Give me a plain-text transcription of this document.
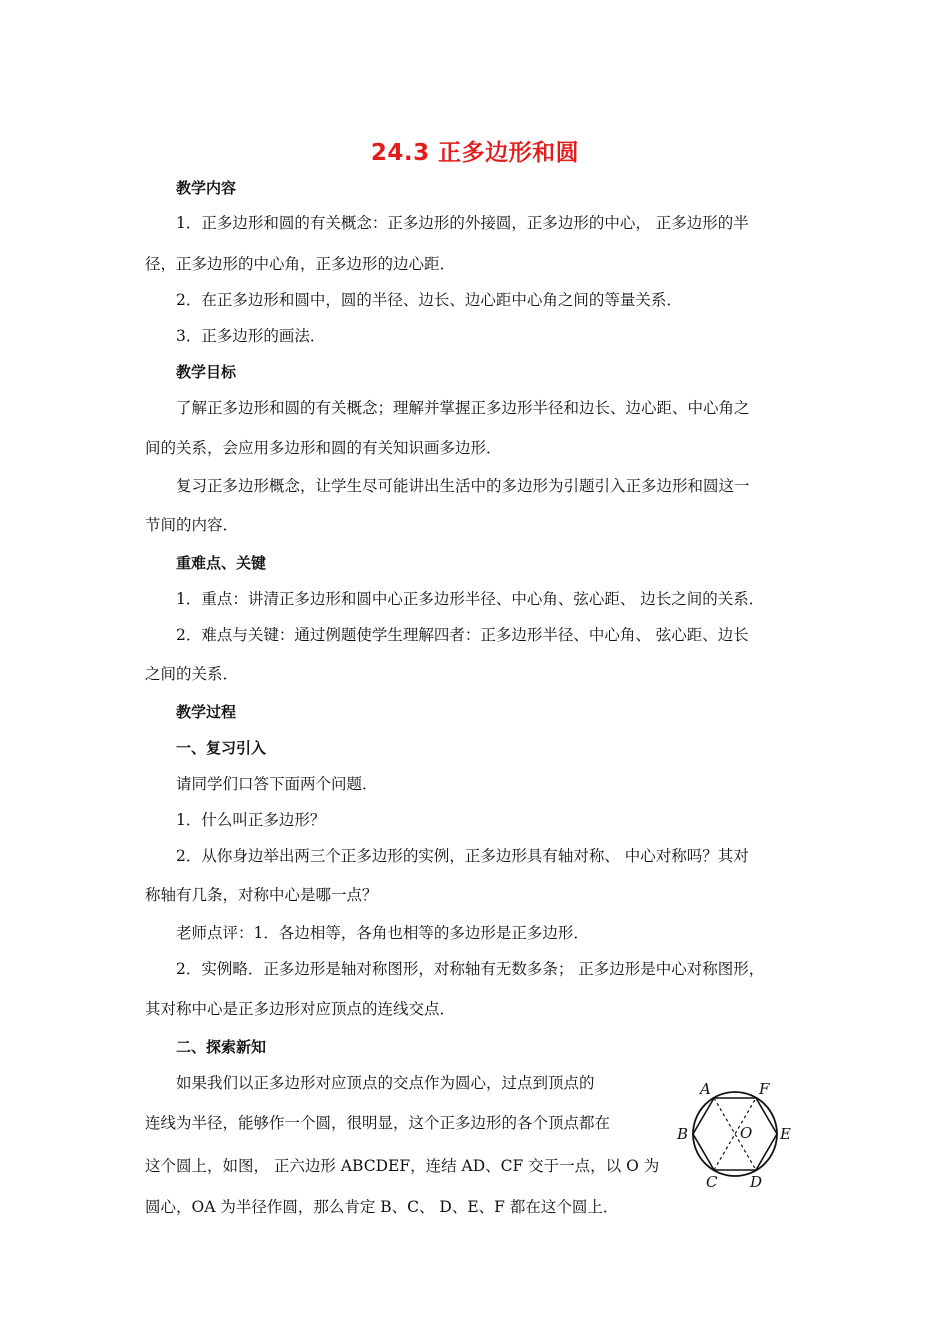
24.3 正多边形和圆
教学内容
1．正多边形和圆的有关概念：正多边形的外接圆，正多边形的中心， 正多边形的半
径，正多边形的中心角，正多边形的边心距．
2．在正多边形和圆中，圆的半径、边长、边心距中心角之间的等量关系．
3．正多边形的画法．
教学目标
了解正多边形和圆的有关概念；理解并掌握正多边形半径和边长、边心距、中心角之
间的关系，会应用多边形和圆的有关知识画多边形．
复习正多边形概念，让学生尽可能讲出生活中的多边形为引题引入正多边形和圆这一
节间的内容．
重难点、关键
1．重点：讲清正多边形和圆中心正多边形半径、中心角、弦心距、 边长之间的关系．
2．难点与关键：通过例题使学生理解四者：正多边形半径、中心角、 弦心距、边长
之间的关系．
教学过程
一、复习引入
请同学们口答下面两个问题．
1．什么叫正多边形？
2．从你身边举出两三个正多边形的实例，正多边形具有轴对称、 中心对称吗？其对
称轴有几条，对称中心是哪一点？
老师点评：1．各边相等，各角也相等的多边形是正多边形．
2．实例略．正多边形是轴对称图形，对称轴有无数多条； 正多边形是中心对称图形，
其对称中心是正多边形对应顶点的连线交点．
二、探索新知
如果我们以正多边形对应顶点的交点作为圆心，过点到顶点的
连线为半径，能够作一个圆，很明显，这个正多边形的各个顶点都在
这个圆上，如图， 正六边形 ABCDEF，连结 AD、CF 交于一点，以 O 为
圆心，OA 为半径作圆，那么肯定 B、C、 D、E、F 都在这个圆上．
A	F
B	E
O
C D
